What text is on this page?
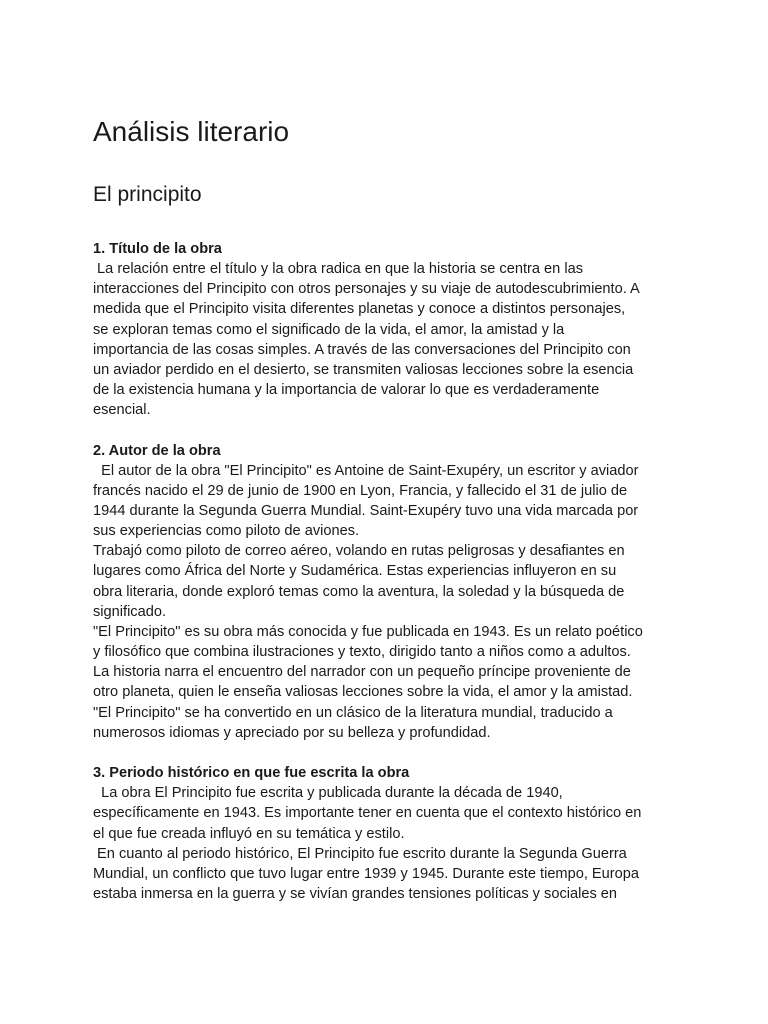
Análisis literario
El principito

1. Título de la obra

La relación entre el título y la obra radica en que la historia se centra en las
interacciones del Principito con otros personajes y su viaje de autodescubrimiento. A
medida que el Principito visita diferentes planetas y conoce a distintos personajes,
se exploran temas como el significado de la vida, el amor, la amistad y la
importancia de las cosas simples. A través de las conversaciones del Principito con
un aviador perdido en el desierto, se transmiten valiosas lecciones sobre la esencia
de la existencia humana y la importancia de valorar lo que es verdaderamente
esencial.

2. Autor de la obra

El autor de la obra "El Principito" es Antoine de Saint-Exupéry, un escritor y aviador
francés nacido el 29 de junio de 1900 en Lyon, Francia, y fallecido el 31 de julio de
1944 durante la Segunda Guerra Mundial. Saint-Exupéry tuvo una vida marcada por
sus experiencias como piloto de aviones.
Trabajó como piloto de correo aéreo, volando en rutas peligrosas y desafiantes en
lugares como África del Norte y Sudamérica. Estas experiencias influyeron en su
obra literaria, donde exploró temas como la aventura, la soledad y la búsqueda de
significado.
"El Principito" es su obra más conocida y fue publicada en 1943. Es un relato poético
y filosófico que combina ilustraciones y texto, dirigido tanto a niños como a adultos.
La historia narra el encuentro del narrador con un pequeño príncipe proveniente de
otro planeta, quien le enseña valiosas lecciones sobre la vida, el amor y la amistad.
"El Principito" se ha convertido en un clásico de la literatura mundial, traducido a
numerosos idiomas y apreciado por su belleza y profundidad.

3. Periodo histórico en que fue escrita la obra

La obra El Principito fue escrita y publicada durante la década de 1940,
específicamente en 1943. Es importante tener en cuenta que el contexto histórico en
el que fue creada influyó en su temática y estilo.
En cuanto al periodo histórico, El Principito fue escrito durante la Segunda Guerra
Mundial, un conflicto que tuvo lugar entre 1939 y 1945. Durante este tiempo, Europa
estaba inmersa en la guerra y se vivían grandes tensiones políticas y sociales en
